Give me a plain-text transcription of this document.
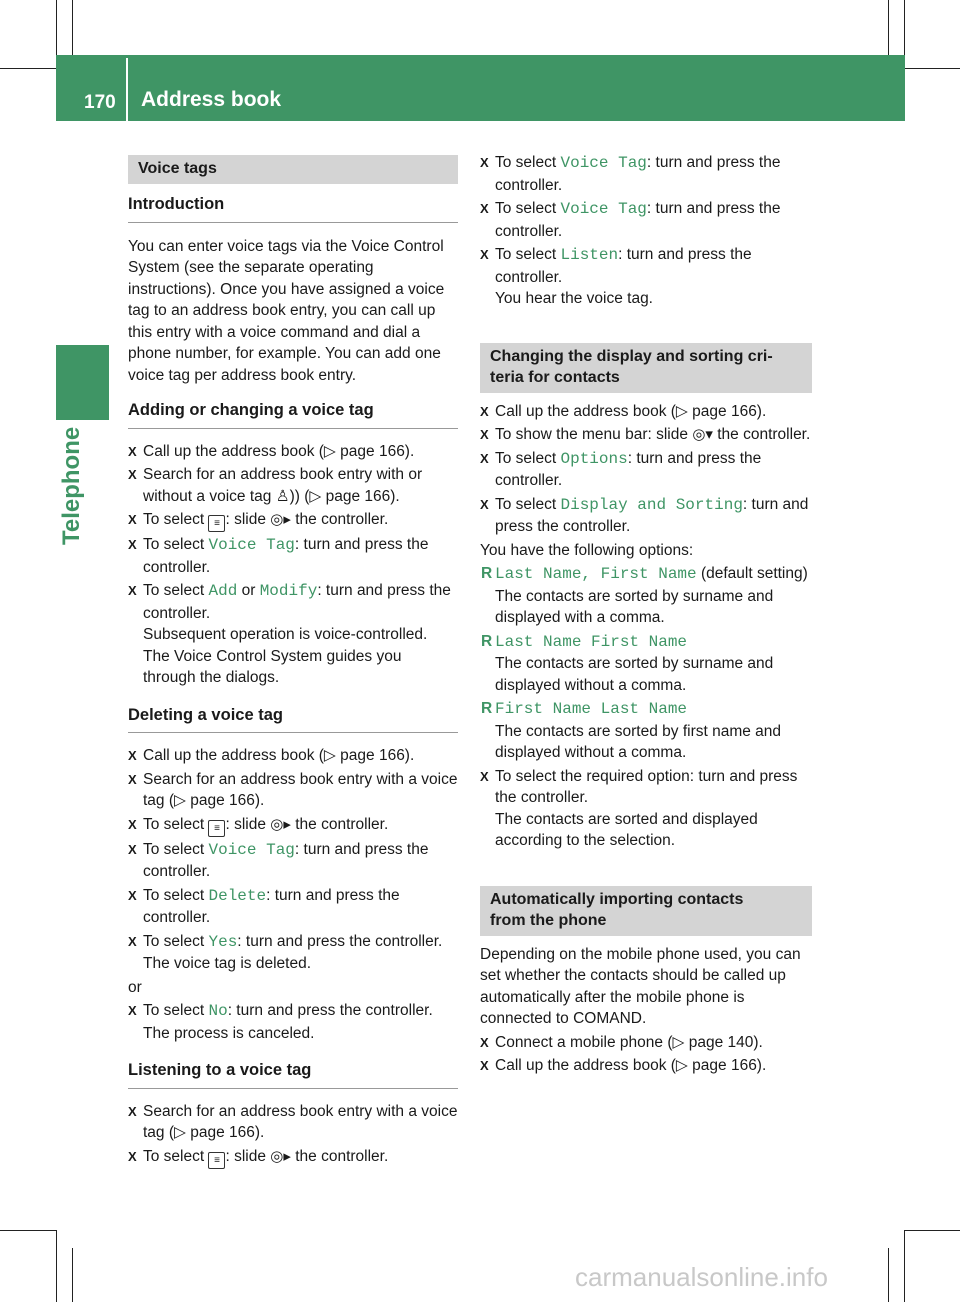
170 Address book
Telephone
Voice tags
Introduction

You can enter voice tags via the Voice Control System (see the separate operating instructions). Once you have assigned a voice tag to an address book entry, you can call up this entry with a voice command and dial a phone number, for example. You can add one voice tag per address book entry.

Adding or changing a voice tag

X Call up the address book (▷ page 166).

X Search for an address book entry with or without a voice tag ♙)) (▷ page 166).

X To select ≡ : slide ◎▸ the controller.

X To select Voice Tag: turn and press the controller.

X To select Add or Modify: turn and press the controller.
Subsequent operation is voice-controlled. The Voice Control System guides you through the dialogs.

Deleting a voice tag

X Call up the address book (▷ page 166).

X Search for an address book entry with a voice tag (▷ page 166).

X To select ≡ : slide ◎▸ the controller.

X To select Voice Tag: turn and press the controller.

X To select Delete: turn and press the controller.

X To select Yes: turn and press the controller.
The voice tag is deleted.

or

X To select No: turn and press the controller.
The process is canceled.

Listening to a voice tag

X Search for an address book entry with a voice tag (▷ page 166).

X To select ≡ : slide ◎▸ the controller.

X To select Voice Tag: turn and press the controller.

X To select Voice Tag: turn and press the controller.

X To select Listen: turn and press the controller.
You hear the voice tag.

Changing the display and sorting cri-
teria for contacts

X Call up the address book (▷ page 166).

X To show the menu bar: slide ◎▾ the controller.

X To select Options: turn and press the controller.

X To select Display and Sorting: turn and press the controller.

You have the following options:

R Last Name, First Name (default setting)

The contacts are sorted by surname and displayed with a comma.

R Last Name First Name

The contacts are sorted by surname and displayed without a comma.

R First Name Last Name

The contacts are sorted by first name and displayed without a comma.

X To select the required option: turn and press the controller.
The contacts are sorted and displayed according to the selection.

Automatically importing contacts
from the phone

Depending on the mobile phone used, you can set whether the contacts should be called up automatically after the mobile phone is connected to COMAND.

X Connect a mobile phone (▷ page 140).

X Call up the address book (▷ page 166).

carmanualsonline.info
